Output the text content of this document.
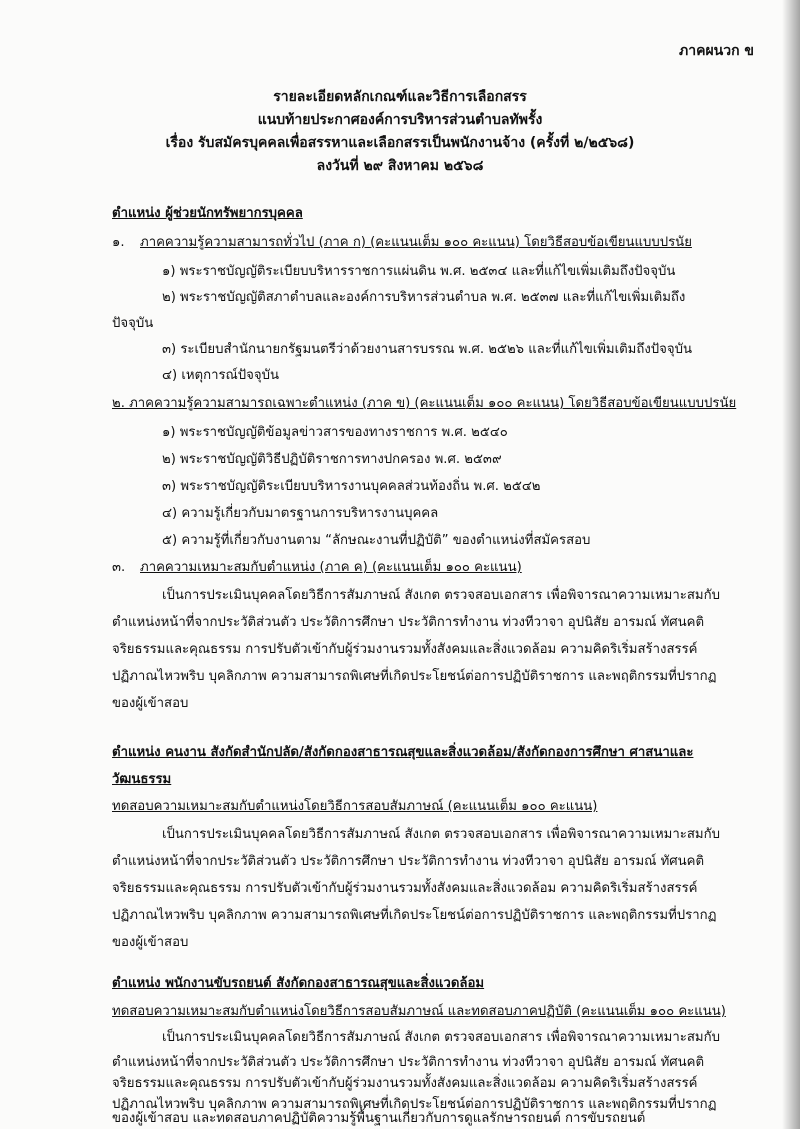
ภาคผนวก ข
รายละเอียดหลักเกณฑ์และวิธีการเลือกสรร
แนบท้ายประกาศองค์การบริหารส่วนตำบลทัพรั้ง
เรื่อง รับสมัครบุคคลเพื่อสรรหาและเลือกสรรเป็นพนักงานจ้าง (ครั้งที่ ๒/๒๕๖๘)
ลงวันที่ ๒๙ สิงหาคม ๒๕๖๘
ตำแหน่ง ผู้ช่วยนักทรัพยากรบุคคล
๑. ภาคความรู้ความสามารถทั่วไป (ภาค ก) (คะแนนเต็ม ๑๐๐ คะแนน) โดยวิธีสอบข้อเขียนแบบปรนัย
๑) พระราชบัญญัติระเบียบบริหารราชการแผ่นดิน พ.ศ. ๒๕๓๔ และที่แก้ไขเพิ่มเติมถึงปัจจุบัน
๒) พระราชบัญญัติสภาตำบลและองค์การบริหารส่วนตำบล พ.ศ. ๒๕๓๗ และที่แก้ไขเพิ่มเติมถึง
ปัจจุบัน
๓) ระเบียบสำนักนายกรัฐมนตรีว่าด้วยงานสารบรรณ พ.ศ. ๒๕๒๖ และที่แก้ไขเพิ่มเติมถึงปัจจุบัน
๔) เหตุการณ์ปัจจุบัน
๒. ภาคความรู้ความสามารถเฉพาะตำแหน่ง (ภาค ข) (คะแนนเต็ม ๑๐๐ คะแนน) โดยวิธีสอบข้อเขียนแบบปรนัย
๑) พระราชบัญญัติข้อมูลข่าวสารของทางราชการ พ.ศ. ๒๕๔๐
๒) พระราชบัญญัติวิธีปฏิบัติราชการทางปกครอง พ.ศ. ๒๕๓๙
๓) พระราชบัญญัติระเบียบบริหารงานบุคคลส่วนท้องถิ่น พ.ศ. ๒๕๔๒
๔) ความรู้เกี่ยวกับมาตรฐานการบริหารงานบุคคล
๕) ความรู้ที่เกี่ยวกับงานตาม “ลักษณะงานที่ปฏิบัติ” ของตำแหน่งที่สมัครสอบ
๓. ภาคความเหมาะสมกับตำแหน่ง (ภาค ค) (คะแนนเต็ม ๑๐๐ คะแนน)
เป็นการประเมินบุคคลโดยวิธีการสัมภาษณ์ สังเกต ตรวจสอบเอกสาร เพื่อพิจารณาความเหมาะสมกับ
ตำแหน่งหน้าที่จากประวัติส่วนตัว ประวัติการศึกษา ประวัติการทำงาน ท่วงทีวาจา อุปนิสัย อารมณ์ ทัศนคติ
จริยธรรมและคุณธรรม การปรับตัวเข้ากับผู้ร่วมงานรวมทั้งสังคมและสิ่งแวดล้อม ความคิดริเริ่มสร้างสรรค์
ปฏิภาณไหวพริบ บุคลิกภาพ ความสามารถพิเศษที่เกิดประโยชน์ต่อการปฏิบัติราชการ และพฤติกรรมที่ปรากฏ
ของผู้เข้าสอบ
ตำแหน่ง คนงาน สังกัดสำนักปลัด/สังกัดกองสาธารณสุขและสิ่งแวดล้อม/สังกัดกองการศึกษา ศาสนาและ
วัฒนธรรม
ทดสอบความเหมาะสมกับตำแหน่งโดยวิธีการสอบสัมภาษณ์ (คะแนนเต็ม ๑๐๐ คะแนน)
เป็นการประเมินบุคคลโดยวิธีการสัมภาษณ์ สังเกต ตรวจสอบเอกสาร เพื่อพิจารณาความเหมาะสมกับ
ตำแหน่งหน้าที่จากประวัติส่วนตัว ประวัติการศึกษา ประวัติการทำงาน ท่วงทีวาจา อุปนิสัย อารมณ์ ทัศนคติ
จริยธรรมและคุณธรรม การปรับตัวเข้ากับผู้ร่วมงานรวมทั้งสังคมและสิ่งแวดล้อม ความคิดริเริ่มสร้างสรรค์
ปฏิภาณไหวพริบ บุคลิกภาพ ความสามารถพิเศษที่เกิดประโยชน์ต่อการปฏิบัติราชการ และพฤติกรรมที่ปรากฏ
ของผู้เข้าสอบ
ตำแหน่ง พนักงานขับรถยนต์ สังกัดกองสาธารณสุขและสิ่งแวดล้อม
ทดสอบความเหมาะสมกับตำแหน่งโดยวิธีการสอบสัมภาษณ์ และทดสอบภาคปฏิบัติ (คะแนนเต็ม ๑๐๐ คะแนน)
เป็นการประเมินบุคคลโดยวิธีการสัมภาษณ์ สังเกต ตรวจสอบเอกสาร เพื่อพิจารณาความเหมาะสมกับ
ตำแหน่งหน้าที่จากประวัติส่วนตัว ประวัติการศึกษา ประวัติการทำงาน ท่วงทีวาจา อุปนิสัย อารมณ์ ทัศนคติ
จริยธรรมและคุณธรรม การปรับตัวเข้ากับผู้ร่วมงานรวมทั้งสังคมและสิ่งแวดล้อม ความคิดริเริ่มสร้างสรรค์
ปฏิภาณไหวพริบ บุคลิกภาพ ความสามารถพิเศษที่เกิดประโยชน์ต่อการปฏิบัติราชการ และพฤติกรรมที่ปรากฏ
ของผู้เข้าสอบ และทดสอบภาคปฏิบัติความรู้พื้นฐานเกี่ยวกับการดูแลรักษารถยนต์ การขับรถยนต์
